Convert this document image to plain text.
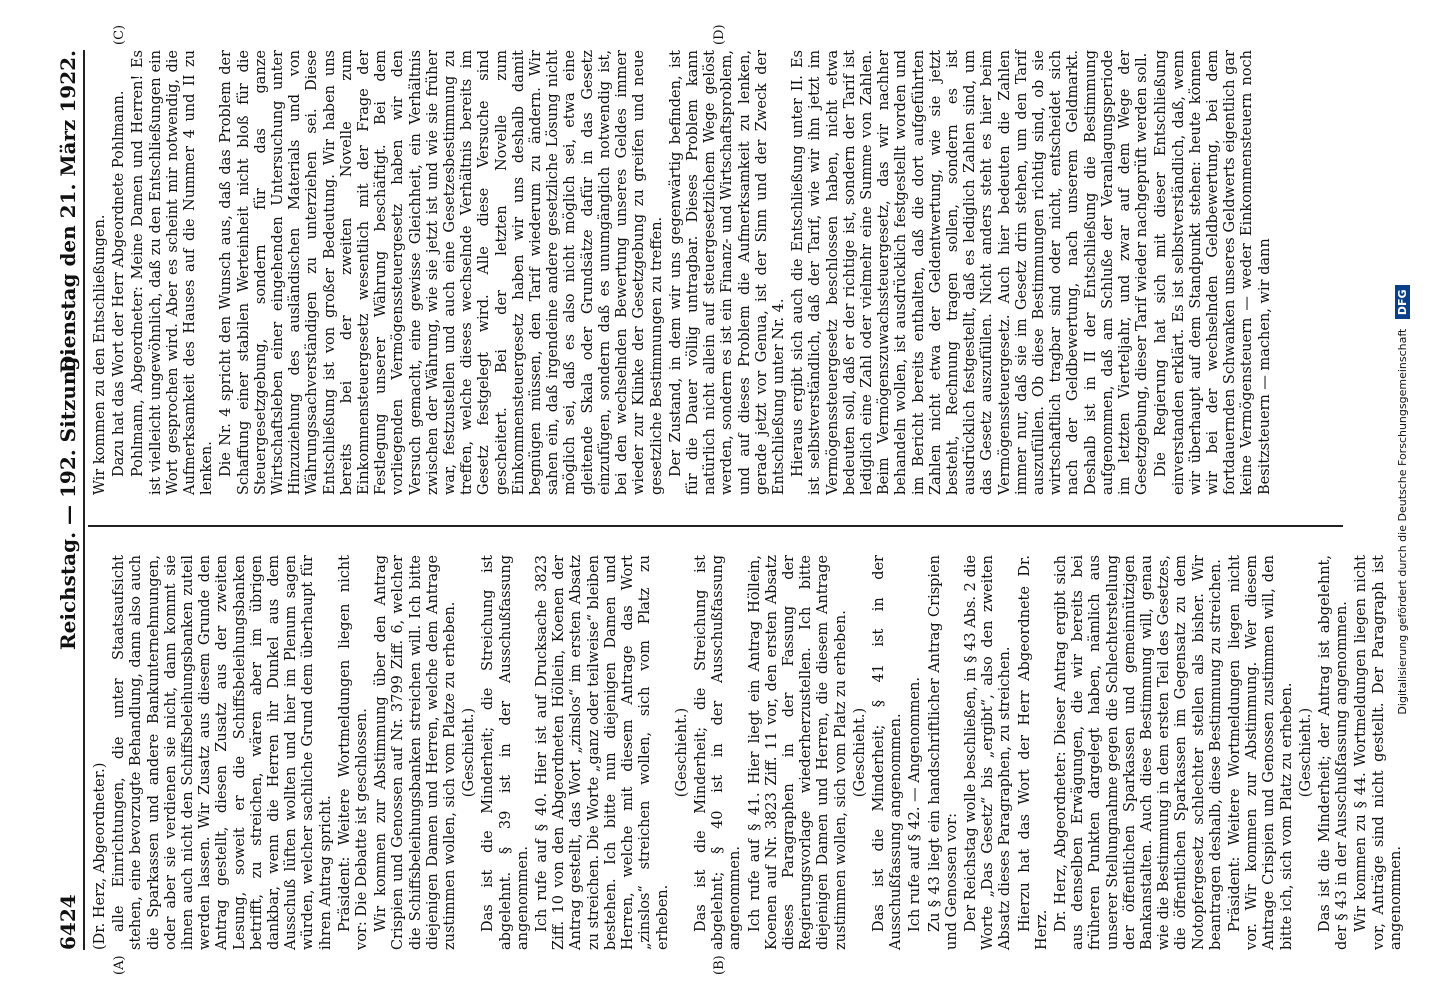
6424
Reichstag. — 192. Sitzung.
Dienstag den 21. März 1922.

(Dr. Herz, Abgeordneter.) alle Einrichtungen, die unter Staatsaufsicht stehen, eine bevorzugte Behandlung, dann also auch die Sparkassen und andere Bankunternehmungen, oder aber sie verdienen sie nicht, dann kommt sie ihnen auch nicht den Schiffsbeleihungsbanken zuteil werden lassen. Wir Zusatz aus diesem Grunde den Antrag gestellt, diesen Zusatz aus der zweiten Lesung, soweit er die Schiffsbeleihungsbanken betrifft, zu streichen, wären aber im übrigen dankbar, wenn die Herren ihr Dunkel aus dem Ausschuß lüften wollten und hier im Plenum sagen würden, welcher sachliche Grund dem überhaupt für ihren Antrag spricht. Präsident: Weitere Wortmeldungen liegen nicht vor: Die Debatte ist geschlossen. Wir kommen zur Abstimmung über den Antrag Crispien und Genossen auf Nr. 3799 Ziff. 6, welcher die Schiffsbeleihungsbanken streichen will. Ich bitte diejenigen Damen und Herren, welche dem Antrage zustimmen wollen, sich vom Platze zu erheben. (Geschieht.) Das ist die Minderheit; die Streichung ist abgelehnt. § 39 ist in der Ausschußfassung angenommen. Ich rufe auf § 40. Hier ist auf Drucksache 3823 Ziff. 10 von den Abgeordneten Höllein, Koenen der Antrag gestellt, das Wort „zinslos“ im ersten Absatz zu streichen. Die Worte „ganz oder teilweise“ bleiben bestehen. Ich bitte nun diejenigen Damen und Herren, welche mit diesem Antrage das Wort „zinslos“ streichen wollen, sich vom Platz zu erheben.

(Geschieht.) Das ist die Minderheit; die Streichung ist abgelehnt; § 40 ist in der Ausschußfassung angenommen. Ich rufe auf § 41. Hier liegt ein Antrag Höllein, Koenen auf Nr. 3823 Ziff. 11 vor, den ersten Absatz dieses Paragraphen in der Fassung der Regierungsvorlage wiederherzustellen. Ich bitte diejenigen Damen und Herren, die diesem Antrage zustimmen wollen, sich vom Platz zu erheben. (Geschieht.) Das ist die Minderheit; § 41 ist in der Ausschußfassung angenommen. Ich rufe auf § 42. — Angenommen. Zu § 43 liegt ein handschriftlicher Antrag Crispien und Genossen vor: Der Reichstag wolle beschließen, in § 43 Abs. 2 die Worte „Das Gesetz“ bis „ergibt“, also den zweiten Absatz dieses Paragraphen, zu streichen. Hierzu hat das Wort der Herr Abgeordnete Dr. Herz. Dr. Herz, Abgeordneter: Dieser Antrag ergibt sich aus denselben Erwägungen, die wir bereits bei früheren Punkten dargelegt haben, nämlich aus unserer Stellungnahme gegen die Schlechterstellung der öffentlichen Sparkassen und gemeinnützigen Bankanstalten. Auch diese Bestimmung will, genau wie die Bestimmung in dem ersten Teil des Gesetzes, die öffentlichen Sparkassen im Gegensatz zu dem Notopfergesetz schlechter stellen als bisher. Wir beantragen deshalb, diese Bestimmung zu streichen. Präsident: Weitere Wortmeldungen liegen nicht vor. Wir kommen zur Abstimmung. Wer diesem Antrage Crispien und Genossen zustimmen will, den bitte ich, sich vom Platz zu erheben. (Geschieht.) Das ist die Minderheit; der Antrag ist abgelehnt, der § 43 in der Ausschußfassung angenommen. Wir kommen zu § 44. Wortmeldungen liegen nicht vor, Anträge sind nicht gestellt. Der Paragraph ist angenommen.

Wir kommen zu den Entschließungen. Dazu hat das Wort der Herr Abgeordnete Pohlmann. Pohlmann, Abgeordneter: Meine Damen und Herren! Es ist vielleicht ungewöhnlich, daß zu den Entschließungen ein Wort gesprochen wird. Aber es scheint mir notwendig, die Aufmerksamkeit des Hauses auf die Nummer 4 und II zu lenken. Die Nr. 4 spricht den Wunsch aus, daß das Problem der Schaffung einer stabilen Werteinheit nicht bloß für die Steuergesetzgebung, sondern für das ganze Wirtschaftsleben einer eingehenden Untersuchung unter Hinzuziehung des ausländischen Materials und von Währungssachverständigen zu unterziehen sei. Diese Entschließung ist von großer Bedeutung. Wir haben uns bereits bei der zweiten Novelle zum Einkommensteuergesetz wesentlich mit der Frage der Festlegung unserer Währung beschäftigt. Bei dem vorliegenden Vermögenssteuergesetz haben wir den Versuch gemacht, eine gewisse Gleichheit, ein Verhältnis zwischen der Währung, wie sie jetzt ist und wie sie früher war, festzustellen und auch eine Gesetzesbestimmung zu treffen, welche dieses wechselnde Verhältnis bereits im Gesetz festgelegt wird. Alle diese Versuche sind gescheitert. Bei der letzten Novelle zum Einkommensteuergesetz haben wir uns deshalb damit begnügen müssen, den Tarif wiederum zu ändern. Wir sahen ein, daß irgendeine andere gesetzliche Lösung nicht möglich sei, daß es also nicht möglich sei, etwa eine gleitende Skala oder Grundsätze dafür in das Gesetz einzufügen, sondern daß es unumgänglich notwendig ist, bei den wechselnden Bewertung unseres Geldes immer wieder zur Klinke der Gesetzgebung zu greifen und neue gesetzliche Bestimmungen zu treffen. Der Zustand, in dem wir uns gegenwärtig befinden, ist für die Dauer völlig untragbar. Dieses Problem kann natürlich nicht allein auf steuergesetzlichem Wege gelöst werden, sondern es ist ein Finanz- und Wirtschaftsproblem, und auf dieses Problem die Aufmerksamkeit zu lenken, gerade jetzt vor Genua, ist der Sinn und der Zweck der Entschließung unter Nr. 4. Hieraus ergibt sich auch die Entschließung unter II. Es ist selbstverständlich, daß der Tarif, wie wir ihn jetzt im Vermögenssteuergesetz beschlossen haben, nicht etwa bedeuten soll, daß er der richtige ist, sondern der Tarif ist lediglich eine Zahl oder vielmehr eine Summe von Zahlen. Beim Vermögenszuwachssteuergesetz, das wir nachher behandeln wollen, ist ausdrücklich festgestellt worden und im Bericht bereits enthalten, daß die dort aufgeführten Zahlen nicht etwa der Geldentwertung, wie sie jetzt besteht, Rechnung tragen sollen, sondern es ist ausdrücklich festgestellt, daß es lediglich Zahlen sind, um das Gesetz auszufüllen. Nicht anders steht es hier beim Vermögenssteuergesetz. Auch hier bedeuten die Zahlen immer nur, daß sie im Gesetz drin stehen, um den Tarif auszufüllen. Ob diese Bestimmungen richtig sind, ob sie wirtschaftlich tragbar sind oder nicht, entscheidet sich nach der Geldbewertung, nach unserem Geldmarkt. Deshalb ist in II der Entschließung die Bestimmung aufgenommen, daß am Schluße der Veranlagungsperiode im letzten Vierteljahr, und zwar auf dem Wege der Gesetzgebung, dieser Tarif wieder nachgeprüft werden soll. Die Regierung hat sich mit dieser Entschließung einverstanden erklärt. Es ist selbstverständlich, daß, wenn wir überhaupt auf dem Standpunkt stehen: heute können wir bei der wechselnden Geldbewertung, bei dem fortdauernden Schwanken unseres Geldwerts eigentlich gar keine Vermögensteuern — weder Einkommensteuern noch Besitzsteuern — machen, wir dann

(A)	(B)
(C)	(D)
Digitalisierung gefördert durch die Deutsche Forschungsgemeinschaft DFG
